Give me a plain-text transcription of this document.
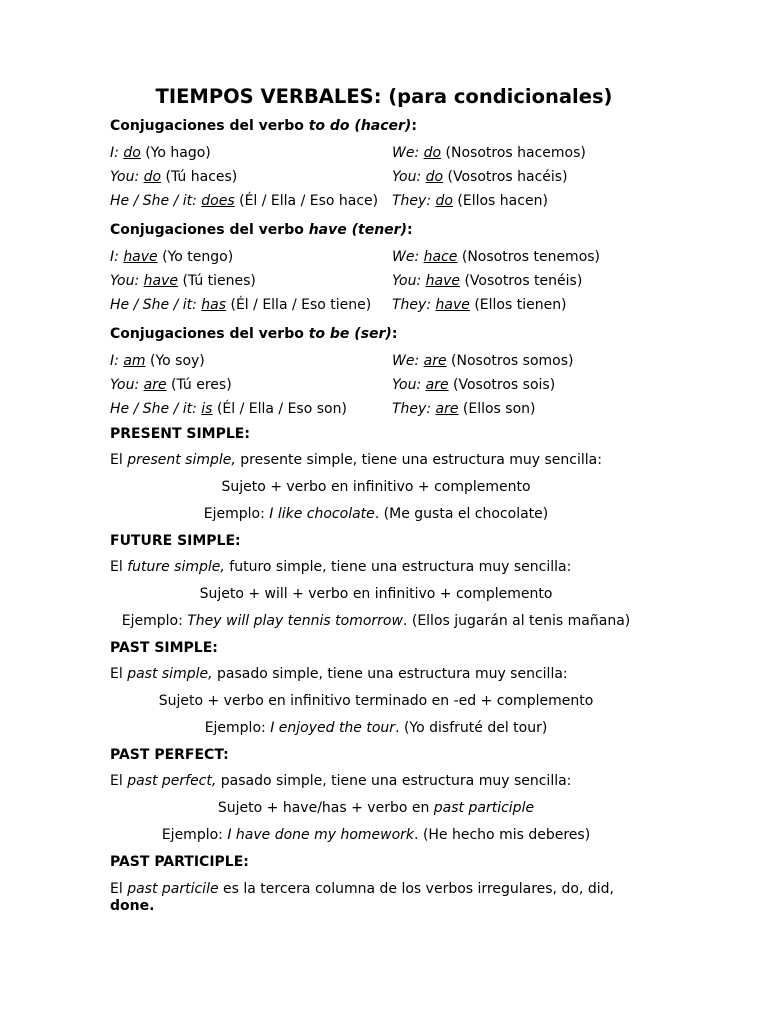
TIEMPOS VERBALES: (para condicionales)

Conjugaciones del verbo to do (hacer):

I: do (Yo hago)	We: do (Nosotros hacemos)
You: do (Tú haces)	You: do (Vosotros hacéis)
He / She / it: does (Él / Ella / Eso hace) They: do (Ellos hacen)

Conjugaciones del verbo have (tener):

I: have (Yo tengo)	We: hace (Nosotros tenemos)
You: have (Tú tienes)	You: have (Vosotros tenéis)
He / She / it: has (Él / Ella / Eso tiene)	They: have (Ellos tienen)

Conjugaciones del verbo to be (ser):

I: am (Yo soy)	We: are (Nosotros somos)
You: are (Tú eres)	You: are (Vosotros sois)
He / She / it: is (Él / Ella / Eso son)	They: are (Ellos son)

PRESENT SIMPLE:

El present simple, presente simple, tiene una estructura muy sencilla:

Sujeto + verbo en infinitivo + complemento

Ejemplo: I like chocolate. (Me gusta el chocolate)

FUTURE SIMPLE:

El future simple, futuro simple, tiene una estructura muy sencilla:

Sujeto + will + verbo en infinitivo + complemento

Ejemplo: They will play tennis tomorrow. (Ellos jugarán al tenis mañana)

PAST SIMPLE:

El past simple, pasado simple, tiene una estructura muy sencilla:

Sujeto + verbo en infinitivo terminado en -ed + complemento

Ejemplo: I enjoyed the tour. (Yo disfruté del tour)

PAST PERFECT:

El past perfect, pasado simple, tiene una estructura muy sencilla:

Sujeto + have/has + verbo en past participle

Ejemplo: I have done my homework. (He hecho mis deberes)

PAST PARTICIPLE:

El past particile es la tercera columna de los verbos irregulares, do, did, done.
